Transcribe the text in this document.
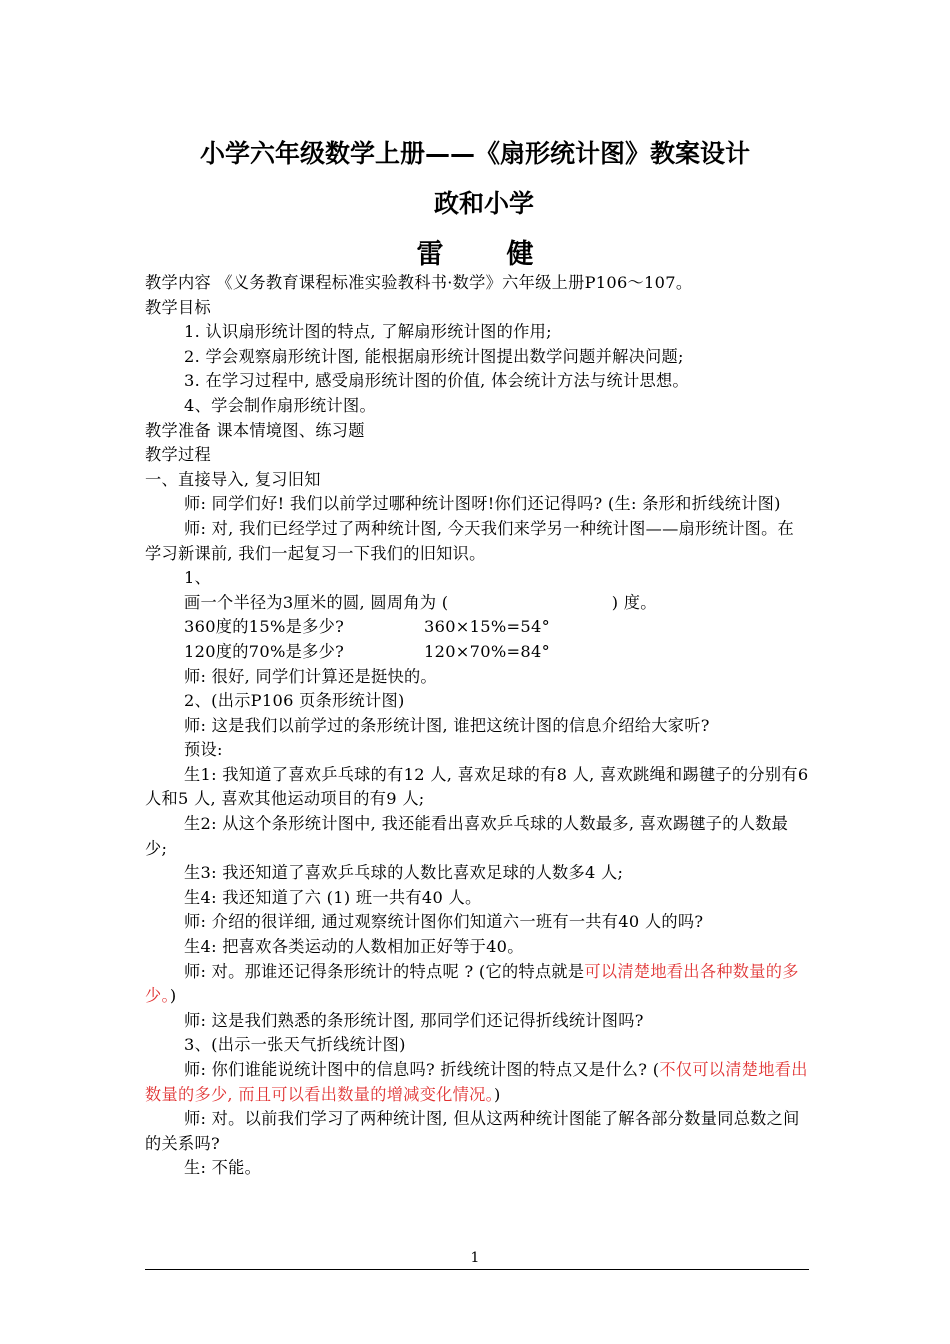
小学六年级数学上册——《扇形统计图》教案设计
政和小学
雷　健

教学内容 《义务教育课程标准实验教科书·数学》六年级上册P106～107。

教学目标

1. 认识扇形统计图的特点, 了解扇形统计图的作用;

2. 学会观察扇形统计图, 能根据扇形统计图提出数学问题并解决问题;

3. 在学习过程中, 感受扇形统计图的价值, 体会统计方法与统计思想。

4、学会制作扇形统计图。

教学准备 课本情境图、练习题

教学过程

一、直接导入, 复习旧知

师: 同学们好! 我们以前学过哪种统计图呀!你们还记得吗? (生: 条形和折线统计图)

师: 对, 我们已经学过了两种统计图, 今天我们来学另一种统计图——扇形统计图。在学习新课前, 我们一起复习一下我们的旧知识。

1、

画一个半径为3厘米的圆, 圆周角为 (                              ) 度。

360度的15%是多少?	360×15%=54°

120度的70%是多少?	120×70%=84°

师: 很好, 同学们计算还是挺快的。

2、(出示P106 页条形统计图)

师: 这是我们以前学过的条形统计图, 谁把这统计图的信息介绍给大家听?

预设:

生1: 我知道了喜欢乒乓球的有12 人, 喜欢足球的有8 人, 喜欢跳绳和踢毽子的分别有6 人和5 人, 喜欢其他运动项目的有9 人;

生2: 从这个条形统计图中, 我还能看出喜欢乒乓球的人数最多, 喜欢踢毽子的人数最少;

生3: 我还知道了喜欢乒乓球的人数比喜欢足球的人数多4 人;

生4: 我还知道了六 (1) 班一共有40 人。

师: 介绍的很详细, 通过观察统计图你们知道六一班有一共有40 人的吗?

生4: 把喜欢各类运动的人数相加正好等于40。

师: 对。那谁还记得条形统计的特点呢 ? (它的特点就是可以清楚地看出各种数量的多少。)

师: 这是我们熟悉的条形统计图, 那同学们还记得折线统计图吗?

3、(出示一张天气折线统计图)

师: 你们谁能说统计图中的信息吗? 折线统计图的特点又是什么? (不仅可以清楚地看出数量的多少, 而且可以看出数量的增减变化情况。)

师: 对。以前我们学习了两种统计图, 但从这两种统计图能了解各部分数量同总数之间的关系吗?

生: 不能。

1
